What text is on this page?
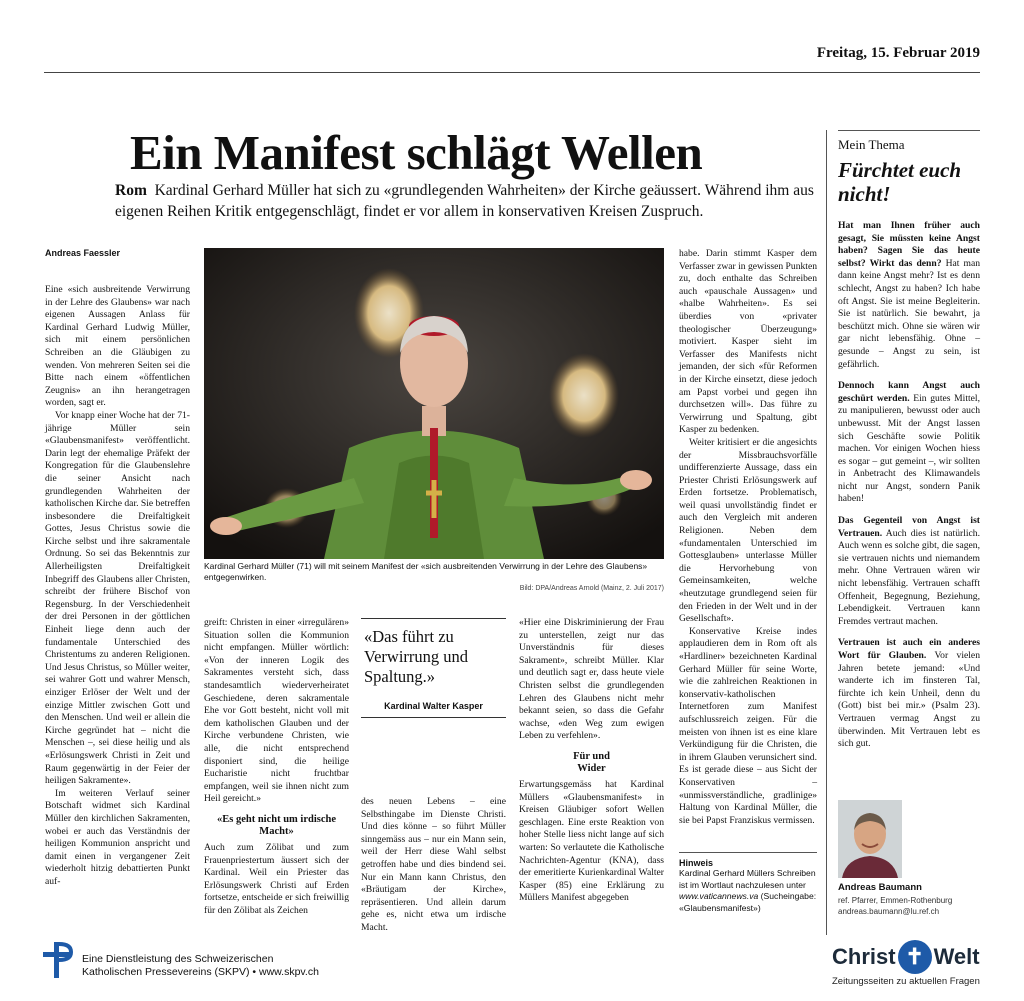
Freitag, 15. Februar 2019
Ein Manifest schlägt Wellen
Rom Kardinal Gerhard Müller hat sich zu «grundlegenden Wahrheiten» der Kirche geäussert. Während ihm aus eigenen Reihen Kritik entgegenschlägt, findet er vor allem in konservativen Kreisen Zuspruch.
Andreas Faessler

Eine «sich ausbreitende Verwirrung in der Lehre des Glaubens» war nach eigenen Aussagen Anlass für Kardinal Gerhard Ludwig Müller, sich mit einem persönlichen Schreiben an die Gläubigen zu wenden. Von mehreren Seiten sei die Bitte nach einem «öffentlichen Zeugnis» an ihn herangetragen worden, sagt er.

Vor knapp einer Woche hat der 71-jährige Müller sein «Glaubensmanifest» veröffentlicht. Darin legt der ehemalige Präfekt der Kongregation für die Glaubenslehre die seiner Ansicht nach grundlegenden Wahrheiten der katholischen Kirche dar. Sie betreffen insbesondere die Dreifaltigkeit Gottes, Jesus Christus sowie die Kirche selbst und ihre sakramentale Ordnung. So sei das Bekenntnis zur Allerheiligsten Dreifaltigkeit Inbegriff des Glaubens aller Christen, schreibt der frühere Bischof von Regensburg. In der Verschiedenheit der drei Personen in der göttlichen Einheit liege denn auch der fundamentale Unterschied des Christentums zu anderen Religionen. Und Jesus Christus, so Müller weiter, sei wahrer Gott und wahrer Mensch, einziger Erlöser der Welt und der einzige Mittler zwischen Gott und den Menschen. Und weil er allein die Kirche gegründet hat – nicht die Menschen –, sei diese heilig und als «Erlösungswerk Christi in Zeit und Raum gegenwärtig in der Feier der heiligen Sakramente».

Im weiteren Verlauf seiner Botschaft widmet sich Kardinal Müller den kirchlichen Sakramenten, wobei er auch das Verständnis der heiligen Kommunion anspricht und damit einen in vergangener Zeit wiederholt hitzig debattierten Punkt auf-

Kardinal Gerhard Müller (71) will mit seinem Manifest der «sich ausbreitenden Verwirrung in der Lehre des Glaubens» entgegenwirken.
Bild: DPA/Andreas Arnold (Mainz, 2. Juli 2017)

greift: Christen in einer «irregulären» Situation sollen die Kommunion nicht empfangen. Müller wörtlich: «Von der inneren Logik des Sakramentes versteht sich, dass standesamtlich wiederverheiratet Geschiedene, deren sakramentale Ehe vor Gott besteht, nicht voll mit dem katholischen Glauben und der Kirche verbundene Christen, wie alle, die nicht entsprechend disponiert sind, die heilige Eucharistie nicht fruchtbar empfangen, weil sie ihnen nicht zum Heil gereicht.»

«Es geht nicht um irdische Macht»

Auch zum Zölibat und zum Frauenpriestertum äussert sich der Kardinal. Weil ein Priester das Erlösungswerk Christi auf Erden fortsetze, entscheide er sich freiwillig für den Zölibat als Zeichen

«Das führt zu Verwirrung und Spaltung.»
Kardinal Walter Kasper

des neuen Lebens – eine Selbsthingabe im Dienste Christi. Und dies könne – so führt Müller sinngemäss aus – nur ein Mann sein, weil der Herr diese Wahl selbst getroffen habe und dies bindend sei. Nur ein Mann kann Christus, den «Bräutigam der Kirche», repräsentieren. Und allein darum gehe es, nicht etwa um irdische Macht.

«Hier eine Diskriminierung der Frau zu unterstellen, zeigt nur das Unverständnis für dieses Sakrament», schreibt Müller. Klar und deutlich sagt er, dass heute viele Christen selbst die grundlegenden Lehren des Glaubens nicht mehr bekannt seien, so dass die Gefahr wachse, «den Weg zum ewigen Leben zu verfehlen».

Für und Wider

Erwartungsgemäss hat Kardinal Müllers «Glaubensmanifest» in Kreisen Gläubiger sofort Wellen geschlagen. Eine erste Reaktion von hoher Stelle liess nicht lange auf sich warten: So verlautete die Katholische Nachrichten-Agentur (KNA), dass der emeritierte Kurienkardinal Walter Kasper (85) eine Erklärung zu Müllers Manifest abgegeben

habe. Darin stimmt Kasper dem Verfasser zwar in gewissen Punkten zu, doch enthalte das Schreiben auch «pauschale Aussagen» und «halbe Wahrheiten». Es sei überdies von «privater theologischer Überzeugung» motiviert. Kasper sieht im Verfasser des Manifests nicht jemanden, der sich «für Reformen in der Kirche einsetzt, diese jedoch am Papst vorbei und gegen ihn durchsetzen will». Das führe zu Verwirrung und Spaltung, gibt Kasper zu bedenken.

Weiter kritisiert er die angesichts der Missbrauchsvorfälle undifferenzierte Aussage, dass ein Priester Christi Erlösungswerk auf Erden fortsetze. Problematisch, weil quasi unvollständig findet er auch den Vergleich mit anderen Religionen. Neben dem «fundamentalen Unterschied im Gottesglauben» unterlasse Müller die Hervorhebung von Gemeinsamkeiten, welche «heutzutage grundlegend seien für den Frieden in der Welt und in der Gesellschaft».

Konservative Kreise indes applaudieren dem in Rom oft als «Hardliner» bezeichneten Kardinal Gerhard Müller für seine Worte, wie die zahlreichen Reaktionen in konservativ-katholischen Internetforen zum Manifest aufschlussreich zeigen. Für die meisten von ihnen ist es eine klare Verkündigung für die Christen, die in ihrem Glauben verunsichert sind. Es ist gerade diese – aus Sicht der Konservativen – «unmissverständliche, gradlinige» Haltung von Kardinal Müller, die sie bei Papst Franziskus vermissen.

Hinweis
Kardinal Gerhard Müllers Schreiben ist im Wortlaut nachzulesen unter www.vaticannews.va (Sucheingabe: «Glaubensmanifest»)
Mein Thema
Fürchtet euch nicht!

Hat man Ihnen früher auch gesagt, Sie müssten keine Angst haben? Sagen Sie das heute selbst? Wirkt das denn? Hat man dann keine Angst mehr? Ist es denn schlecht, Angst zu haben? Ich habe oft Angst. Sie ist meine Begleiterin. Sie ist natürlich. Sie bewahrt, ja beschützt mich. Ohne sie wären wir gar nicht lebensfähig. Ohne – gesunde – Angst zu sein, ist gefährlich.

Dennoch kann Angst auch geschürt werden. Ein gutes Mittel, zu manipulieren, bewusst oder auch unbewusst. Mit der Angst lassen sich Geschäfte sowie Politik machen. Vor einigen Wochen hiess es sogar – gut gemeint –, wir sollten in Anbetracht des Klimawandels nicht nur Angst, sondern Panik haben!

Das Gegenteil von Angst ist Vertrauen. Auch dies ist natürlich. Auch wenn es solche gibt, die sagen, sie vertrauen nichts und niemandem mehr. Ohne Vertrauen wären wir nicht lebensfähig. Vertrauen schafft Offenheit, Begegnung, Beziehung, Lebendigkeit. Vertrauen kann Fremdes vertraut machen.

Vertrauen ist auch ein anderes Wort für Glauben. Vor vielen Jahren betete jemand: «Und wanderte ich im finsteren Tal, fürchte ich kein Unheil, denn du (Gott) bist bei mir.» (Psalm 23). Vertrauen vermag Angst zu überwinden. Mit Vertrauen lebt es sich gut.

Andreas Baumann
ref. Pfarrer, Emmen-Rothenburg
andreas.baumann@lu.ref.ch
Eine Dienstleistung des Schweizerischen
Katholischen Pressevereins (SKPV) • www.skpv.ch
Christ ✝ Welt
Zeitungsseiten zu aktuellen Fragen
